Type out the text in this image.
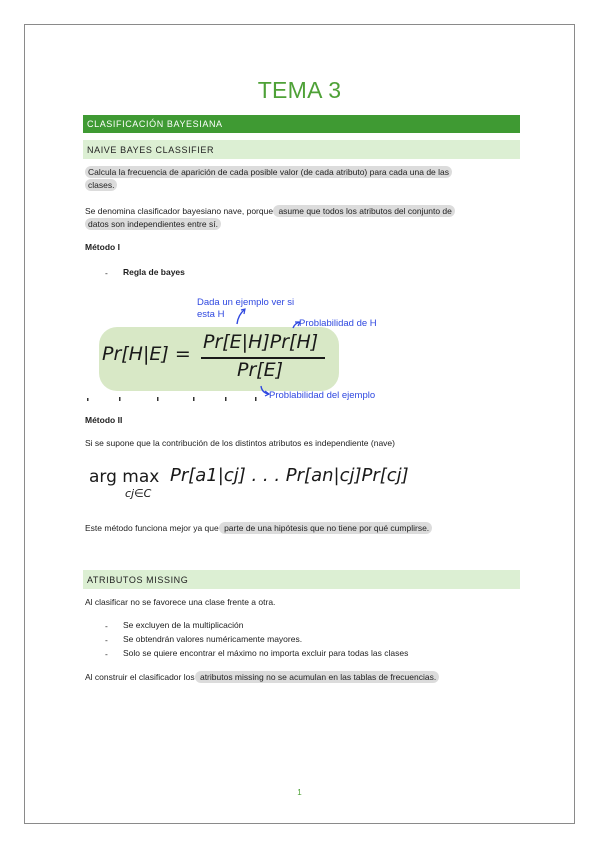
TEMA 3
CLASIFICACIÓN BAYESIANA
NAIVE BAYES CLASSIFIER
Calcula la frecuencia de aparición de cada posible valor (de cada atributo) para cada una de las
clases.
Se denomina clasificador bayesiano nave, porque asume que todos los atributos del conjunto de
datos son independientes entre sí.
Método I
- Regla de bayes
Pr[H|E] =
Pr[E|H]Pr[H]
Pr[E]
Dada un ejemplo ver si
esta H
Problabilidad de H
Problabilidad del ejemplo
Método II
Si se supone que la contribución de los distintos atributos es independiente (nave)
arg max
cj∈C
Pr[a1|cj] . . . Pr[an|cj]Pr[cj]
Este método funciona mejor ya que parte de una hipótesis que no tiene por qué cumplirse.
ATRIBUTOS MISSING
Al clasificar no se favorece una clase frente a otra.
- Se excluyen de la multiplicación
- Se obtendrán valores numéricamente mayores.
- Solo se quiere encontrar el máximo no importa excluir para todas las clases
Al construir el clasificador los atributos missing no se acumulan en las tablas de frecuencias.
1
